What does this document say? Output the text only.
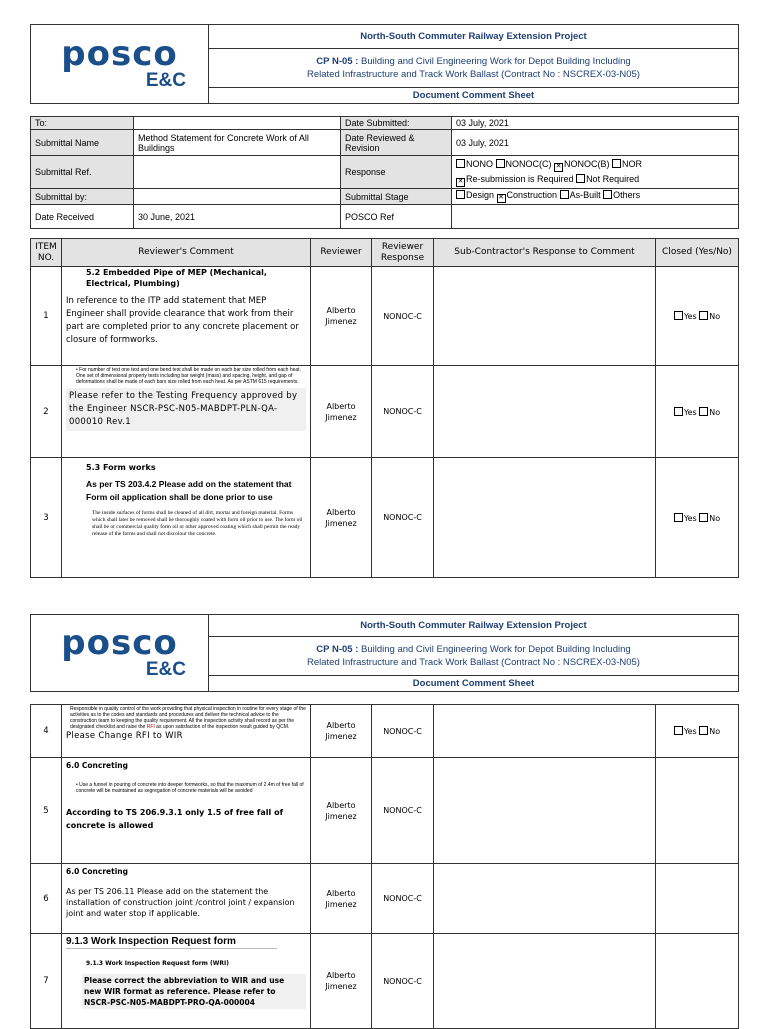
posco
E&C
	North-South Commuter Railway Extension Project
CP N-05 : Building and Civil Engineering Work for Depot Building Including
Related Infrastructure and Track Work Ballast (Contract No : NSCREX-03-N05)
Document Comment Sheet
To:		Date Submitted:	03 July, 2021
Submittal Name	Method Statement for Concrete Work of All Buildings	Date Reviewed & Revision	03 July, 2021
Submittal Ref.		Response	NONO NONOC(C) ✕ NONOC(B) NOR
✕ Re-submission is Required Not Required
Submittal by:		Submittal Stage	Design ✕ Construction As-Built Others
Date Received	30 June, 2021	POSCO Ref	
ITEM NO.	Reviewer's Comment	Reviewer	Reviewer Response	Sub-Contractor's Response to Comment	Closed (Yes/No)
1	5.2 Embedded Pipe of MEP (Mechanical, Electrical, Plumbing)
In reference to the ITP add statement that MEP Engineer shall provide clearance that work from their part are completed prior to any concrete placement or closure of formworks.	Alberto Jimenez	NONOC-C		Yes No
2	• For number of test one test and one bend test shall be made on each bar size rolled from each heat. One set of dimensional property tests including bar weight (mass) and spacing, height, and gap of deformations shall be made of each bars size rolled from each heat. As per ASTM 615 requirements.
Please refer to the Testing Frequency approved by the Engineer NSCR-PSC-N05-MABDPT-PLN-QA-000010 Rev.1	Alberto Jimenez	NONOC-C		Yes No
3	5.3 Form works
As per TS 203.4.2 Please add on the statement that Form oil application shall be done prior to use
The inside surfaces of forms shall be cleaned of all dirt, mortar and foreign material. Forms which shall later be removed shall be thoroughly coated with form oil prior to use. The form oil shall be or commercial quality form oil or other approved coating which shall permit the ready release of the forms and shall not discolour the concrete.	Alberto Jimenez	NONOC-C		Yes No
posco
E&C
	North-South Commuter Railway Extension Project
CP N-05 : Building and Civil Engineering Work for Depot Building Including
Related Infrastructure and Track Work Ballast (Contract No : NSCREX-03-N05)
Document Comment Sheet
4	Responsible in quality control of the work providing that physical inspection in routine for every stage of the activities as to the codes and standards and procedures and deliver the technical advice to the construction team to keeping the quality requirement. All the inspection activity shall record as per the designated checklist and raise the RFI as upon satisfaction of the inspection result guided by QCM.
Please Change RFI to WIR	Alberto Jimenez	NONOC-C		Yes No
5	6.0 Concreting
• Use a funnel in pouring of concrete into deeper formworks, so that the maximum of 2.4m of free fall of concrete will be maintained as segregation of concrete materials will be avoided
According to TS 206.9.3.1 only 1.5 of free fall of concrete is allowed	Alberto Jimenez	NONOC-C		
6	6.0 Concreting
As per TS 206.11 Please add on the statement the installation of construction joint /control joint / expansion joint and water stop if applicable.	Alberto Jimenez	NONOC-C		
7	9.1.3 Work Inspection Request form
9.1.3 Work Inspection Request form (WRI)
Please correct the abbreviation to WIR and use new WIR format as reference. Please refer to NSCR-PSC-N05-MABDPT-PRO-QA-000004	Alberto Jimenez	NONOC-C		
